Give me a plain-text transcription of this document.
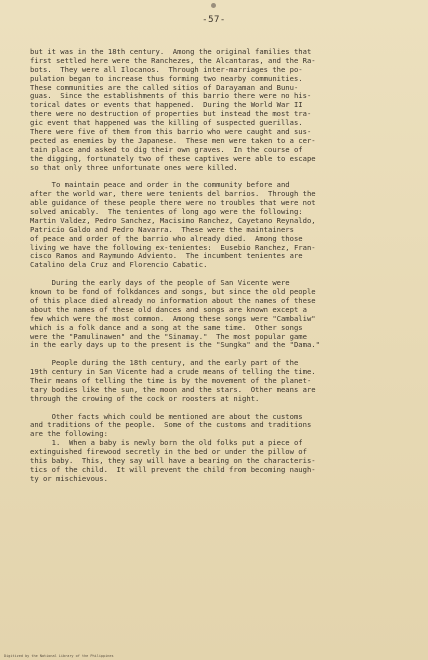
-57-
but it was in the 18th century.  Among the original families that
first settled here were the Ranchezes, the Alcantaras, and the Ra-
bots.  They were all Ilocanos.  Through inter-marriages the po-
pulation began to increase thus forming two nearby communities.
These communities are the called sitios of Darayaman and Bunu-
guas.  Since the establishments of this barrio there were no his-
torical dates or events that happened.  During the World War II
there were no destruction of properties but instead the most tra-
gic event that happened was the killing of suspected guerillas.
There were five of them from this barrio who were caught and sus-
pected as enemies by the Japanese.  These men were taken to a cer-
tain place and asked to dig their own graves.  In the course of
the digging, fortunately two of these captives were able to escape
so that only three unfortunate ones were killed.
To maintain peace and order in the community before and
after the world war, there were tenients del barrios.  Through the
able guidance of these people there were no troubles that were not
solved amicably.  The tenientes of long ago were the following:
Martin Valdez, Pedro Sanchez, Macisimo Ranchez, Cayetano Reynaldo,
Patricio Galdo and Pedro Navarra.  These were the maintainers
of peace and order of the barrio who already died.  Among those
living we have the following ex-tenientes:  Eusebio Ranchez, Fran-
cisco Ramos and Raymundo Adviento.  The incumbent tenientes are
Catalino dela Cruz and Florencio Cabatic.
During the early days of the people of San Vicente were
known to be fond of folkdances and songs, but since the old people
of this place died already no information about the names of these
about the names of these old dances and songs are known except a
few which were the most common.  Among these songs were "Cambaliw"
which is a folk dance and a song at the same time.  Other songs
were the "Pamulinawen" and the "Sinamay."  The most popular game
in the early days up to the present is the "Sungka" and the "Dama."
People during the 18th century, and the early part of the
19th century in San Vicente had a crude means of telling the time.
Their means of telling the time is by the movement of the planet-
tary bodies like the sun, the moon and the stars.  Other means are
through the crowing of the cock or roosters at night.
Other facts which could be mentioned are about the customs
and traditions of the people.  Some of the customs and traditions
are the following:
1.  When a baby is newly born the old folks put a piece of
extinguished firewood secretly in the bed or under the pillow of
this baby.  This, they say will have a bearing on the characteris-
tics of the child.  It will prevent the child from becoming naugh-
ty or mischievous.
Digitized by the National Library of the Philippines
